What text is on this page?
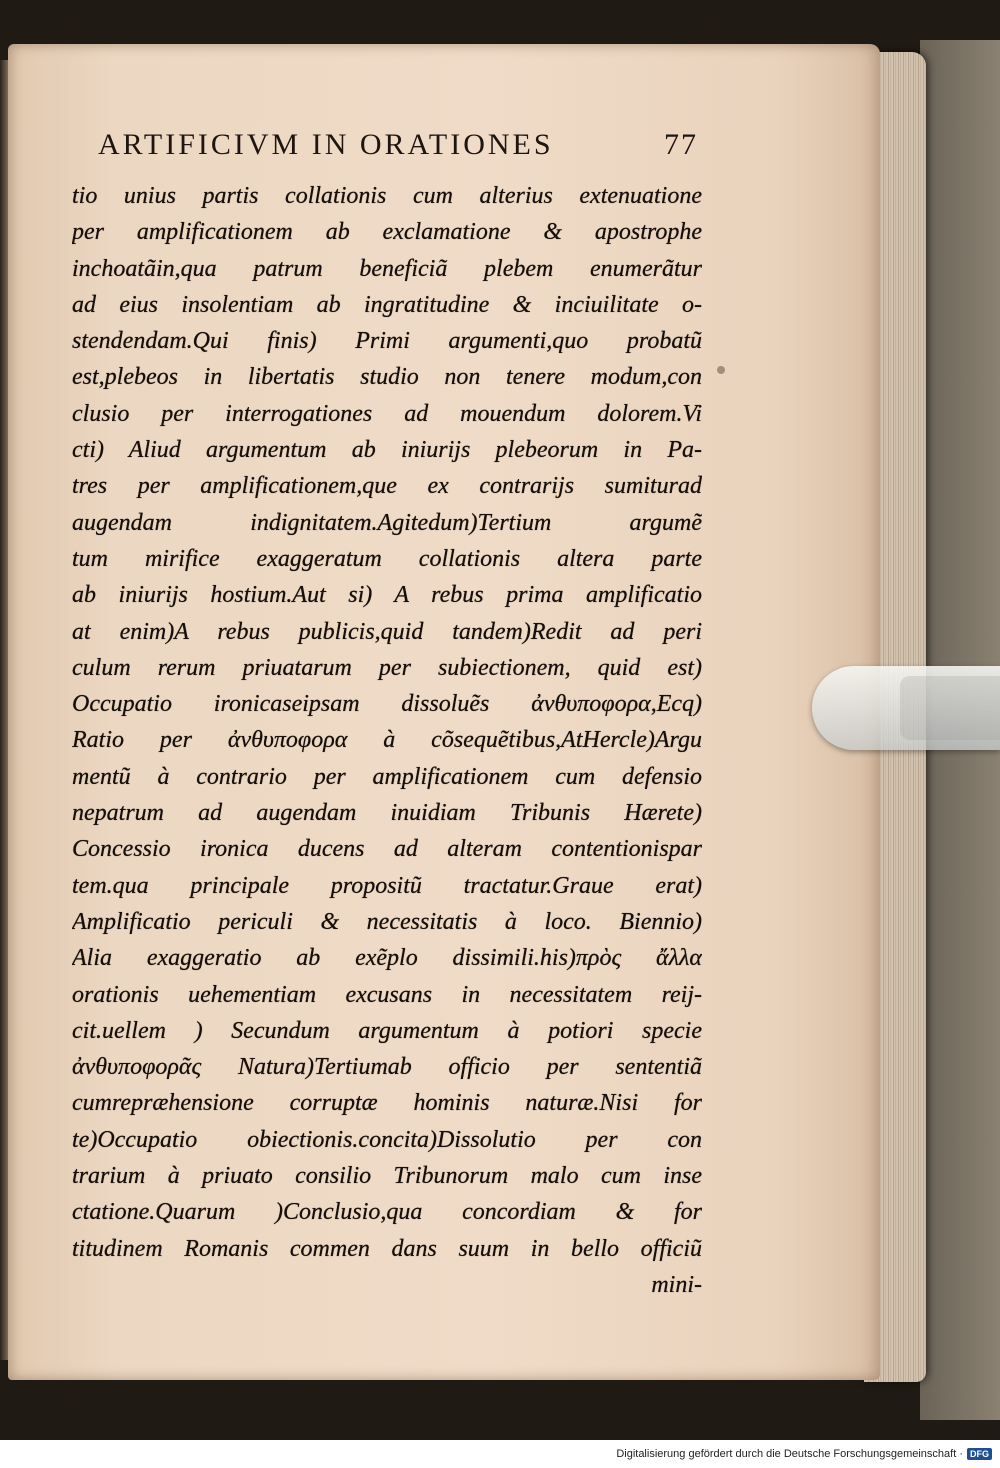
ARTIFICIVM IN ORATIONES	77
tio unius partis collationis cum alterius extenuatione
per amplificationem ab exclamatione & apostrophe
inchoatãin,qua patrum beneficiã plebem enumerãtur
ad eius insolentiam ab ingratitudine & inciuilitate o-
stendendam.Qui finis) Primi argumenti,quo probatũ
est,plebeos in libertatis studio non tenere modum,con
clusio per interrogationes ad mouendum dolorem.Vi
cti) Aliud argumentum ab iniurijs plebeorum in Pa-
tres per amplificationem,que ex contrarijs sumiturad
augendam indignitatem.Agitedum)Tertium argumẽ
tum mirifice exaggeratum collationis altera parte
ab iniurijs hostium.Aut si) A rebus prima amplificatio
at enim)A rebus publicis,quid tandem)Redit ad peri
culum rerum priuatarum per subiectionem, quid est)
Occupatio ironicaseipsam dissoluẽs ἀνθυποφορα,Ecq)
Ratio per ἀνθυποφορα à cõsequẽtibus,AtHercle)Argu
mentũ à contrario per amplificationem cum defensio
nepatrum ad augendam inuidiam Tribunis Hærete)
Concessio ironica ducens ad alteram contentionispar
tem.qua principale propositũ tractatur.Graue erat)
Amplificatio periculi & necessitatis à loco. Biennio)
Alia exaggeratio ab exẽplo dissimili.his)πρὸς ἄλλα
orationis uehementiam excusans in necessitatem reij-
cit.uellem ) Secundum argumentum à potiori specie
ἀνθυποφορᾶς Natura)Tertiumab officio per sententiã
cumrepræhensione corruptæ hominis naturæ.Nisi for
te)Occupatio obiectionis.concita)Dissolutio per con
trarium à priuato consilio Tribunorum malo cum inse
ctatione.Quarum )Conclusio,qua concordiam & for
titudinem Romanis commen dans suum in bello officiũ
mini-
Digitalisierung gefördert durch die Deutsche Forschungsgemeinschaft · DFG
